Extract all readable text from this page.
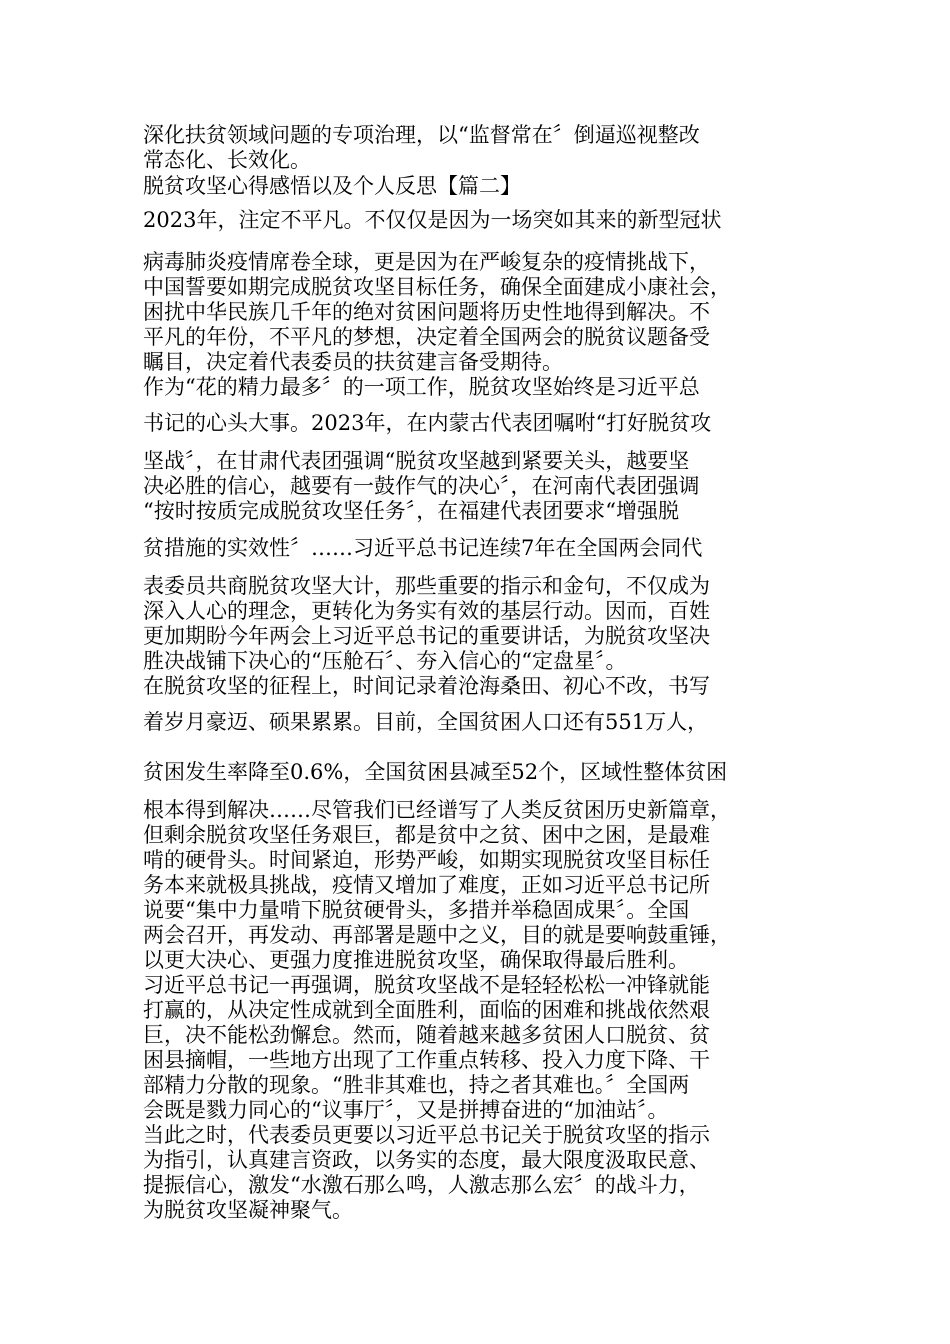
深化扶贫领域问题的专项治理，以“监督常在〞倒逼巡视整改
常态化、长效化。
脱贫攻坚心得感悟以及个人反思【篇二】
2023年，注定不平凡。不仅仅是因为一场突如其来的新型冠状
病毒肺炎疫情席卷全球，更是因为在严峻复杂的疫情挑战下，
中国誓要如期完成脱贫攻坚目标任务，确保全面建成小康社会，
困扰中华民族几千年的绝对贫困问题将历史性地得到解决。不
平凡的年份，不平凡的梦想，决定着全国两会的脱贫议题备受
瞩目，决定着代表委员的扶贫建言备受期待。
作为“花的精力最多〞的一项工作，脱贫攻坚始终是习近平总
书记的心头大事。2023年，在内蒙古代表团嘱咐“打好脱贫攻
坚战〞，在甘肃代表团强调“脱贫攻坚越到紧要关头，越要坚
决必胜的信心，越要有一鼓作气的决心〞，在河南代表团强调
“按时按质完成脱贫攻坚任务〞，在福建代表团要求“增强脱
贫措施的实效性〞……习近平总书记连续7年在全国两会同代
表委员共商脱贫攻坚大计，那些重要的指示和金句，不仅成为
深入人心的理念，更转化为务实有效的基层行动。因而，百姓
更加期盼今年两会上习近平总书记的重要讲话，为脱贫攻坚决
胜决战铺下决心的“压舱石〞、夯入信心的“定盘星〞。
在脱贫攻坚的征程上，时间记录着沧海桑田、初心不改，书写
着岁月豪迈、硕果累累。目前，全国贫困人口还有551万人，
贫困发生率降至0.6%，全国贫困县减至52个，区域性整体贫困
根本得到解决……尽管我们已经谱写了人类反贫困历史新篇章，
但剩余脱贫攻坚任务艰巨，都是贫中之贫、困中之困，是最难
啃的硬骨头。时间紧迫，形势严峻，如期实现脱贫攻坚目标任
务本来就极具挑战，疫情又增加了难度，正如习近平总书记所
说要“集中力量啃下脱贫硬骨头，多措并举稳固成果〞。全国
两会召开，再发动、再部署是题中之义，目的就是要响鼓重锤，
以更大决心、更强力度推进脱贫攻坚，确保取得最后胜利。
习近平总书记一再强调，脱贫攻坚战不是轻轻松松一冲锋就能
打赢的，从决定性成就到全面胜利，面临的困难和挑战依然艰
巨，决不能松劲懈怠。然而，随着越来越多贫困人口脱贫、贫
困县摘帽，一些地方出现了工作重点转移、投入力度下降、干
部精力分散的现象。“胜非其难也，持之者其难也。〞全国两
会既是戮力同心的“议事厅〞，又是拼搏奋进的“加油站〞。
当此之时，代表委员更要以习近平总书记关于脱贫攻坚的指示
为指引，认真建言资政，以务实的态度，最大限度汲取民意、
提振信心，激发“水激石那么鸣，人激志那么宏〞的战斗力，
为脱贫攻坚凝神聚气。
